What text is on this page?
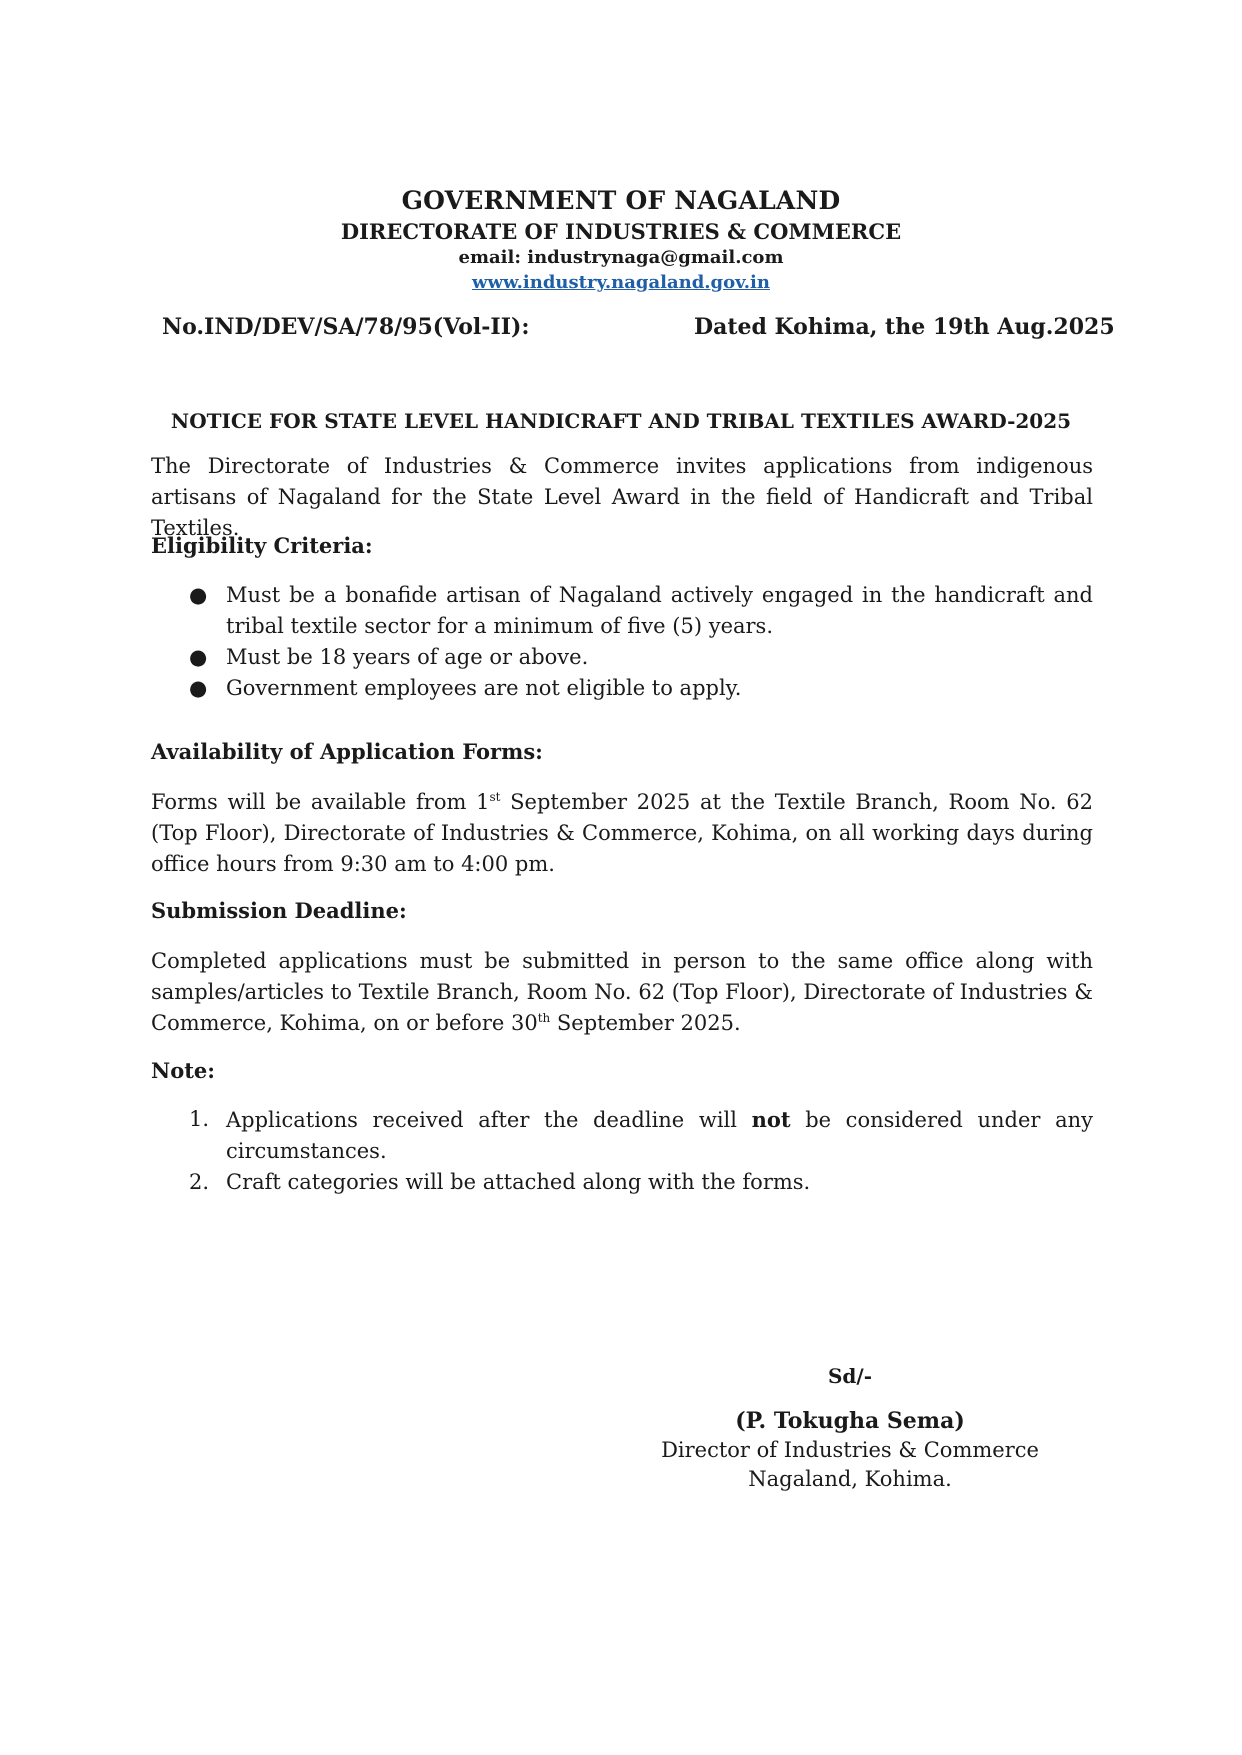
GOVERNMENT OF NAGALAND
DIRECTORATE OF INDUSTRIES & COMMERCE
email: industrynaga@gmail.com
www.industry.nagaland.gov.in
No.IND/DEV/SA/78/95(Vol-II):	Dated Kohima, the 19th Aug.2025
NOTICE FOR STATE LEVEL HANDICRAFT AND TRIBAL TEXTILES AWARD-2025
The Directorate of Industries & Commerce invites applications from indigenous artisans of Nagaland for the State Level Award in the field of Handicraft and Tribal Textiles.
Eligibility Criteria:
● Must be a bonafide artisan of Nagaland actively engaged in the handicraft and tribal textile sector for a minimum of five (5) years.
● Must be 18 years of age or above.
● Government employees are not eligible to apply.
Availability of Application Forms:
Forms will be available from 1st September 2025 at the Textile Branch, Room No. 62 (Top Floor), Directorate of Industries & Commerce, Kohima, on all working days during office hours from 9:30 am to 4:00 pm.
Submission Deadline:
Completed applications must be submitted in person to the same office along with samples/articles to Textile Branch, Room No. 62 (Top Floor), Directorate of Industries & Commerce, Kohima, on or before 30th September 2025.
Note:
1. Applications received after the deadline will not be considered under any circumstances.
2. Craft categories will be attached along with the forms.
Sd/-
(P. Tokugha Sema)
Director of Industries & Commerce
Nagaland, Kohima.
